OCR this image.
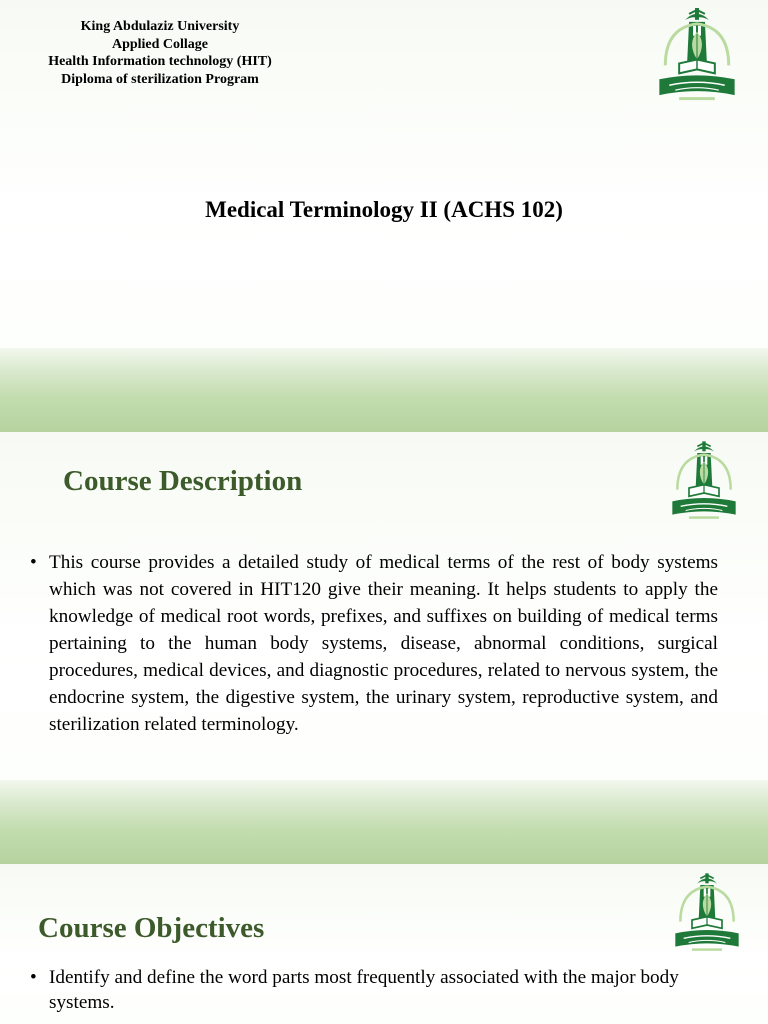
King Abdulaziz University
Applied Collage
Health Information technology (HIT)
Diploma of sterilization Program
Medical Terminology II (ACHS 102)
Course Description
• This course provides a detailed study of medical terms of the rest of body systems which was not covered in HIT120 give their meaning. It helps students to apply the knowledge of medical root words, prefixes, and suffixes on building of medical terms pertaining to the human body systems, disease, abnormal conditions, surgical procedures, medical devices, and diagnostic procedures, related to nervous system, the endocrine system, the digestive system, the urinary system, reproductive system, and sterilization related terminology.
Course Objectives
• Identify and define the word parts most frequently associated with the major body systems.
